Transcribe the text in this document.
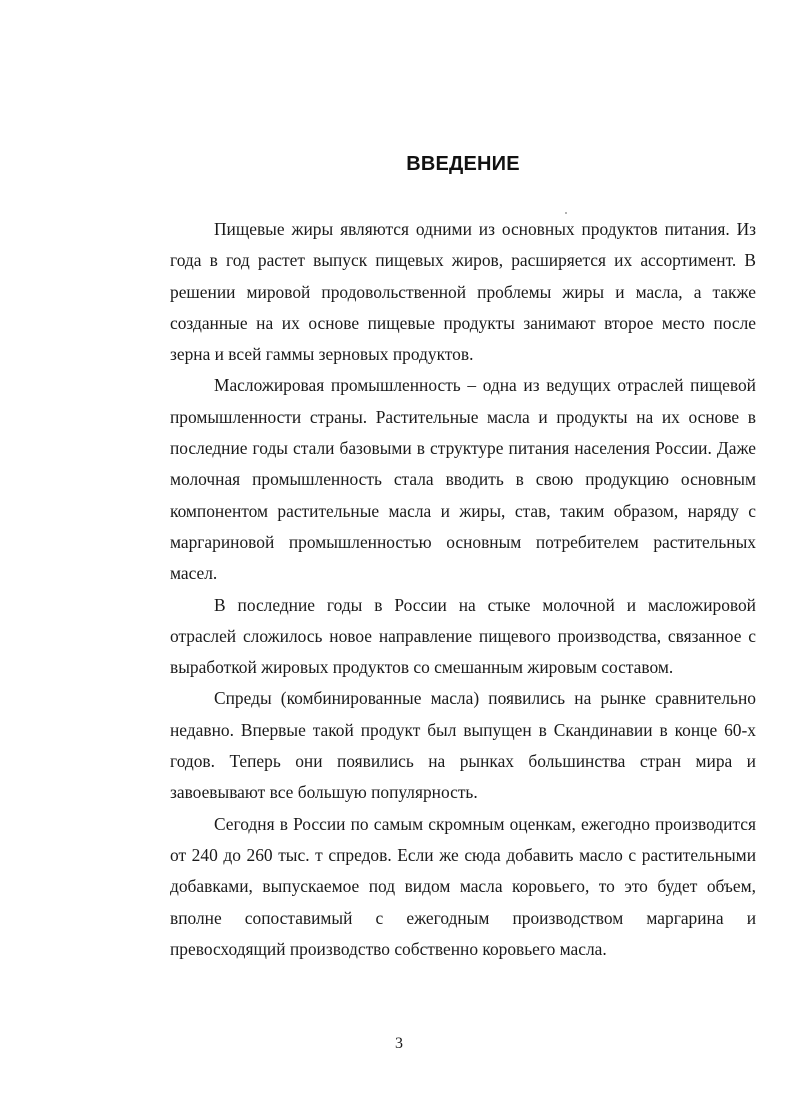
ВВЕДЕНИЕ

Пищевые жиры являются одними из основных продуктов питания. Из года в год растет выпуск пищевых жиров, расширяется их ассортимент. В решении мировой продовольственной проблемы жиры и масла, а также созданные на их основе пищевые продукты занимают второе место после зерна и всей гаммы зерновых продуктов.

Масложировая промышленность – одна из ведущих отраслей пищевой промышленности страны. Растительные масла и продукты на их основе в последние годы стали базовыми в структуре питания населения России. Даже молочная промышленность стала вводить в свою продукцию основным компонентом растительные масла и жиры, став, таким образом, наряду с маргариновой промышленностью основным потребителем растительных масел.

В последние годы в России на стыке молочной и масложировой отраслей сложилось новое направление пищевого производства, связанное с выработкой жировых продуктов со смешанным жировым составом.

Спреды (комбинированные масла) появились на рынке сравнительно недавно. Впервые такой продукт был выпущен в Скандинавии в конце 60-х годов. Теперь они появились на рынках большинства стран мира и завоевывают все большую популярность.

Сегодня в России по самым скромным оценкам, ежегодно производится от 240 до 260 тыс. т спредов. Если же сюда добавить масло с растительными добавками, выпускаемое под видом масла коровьего, то это будет объем, вполне сопоставимый с ежегодным производством маргарина и превосходящий производство собственно коровьего масла.

3
